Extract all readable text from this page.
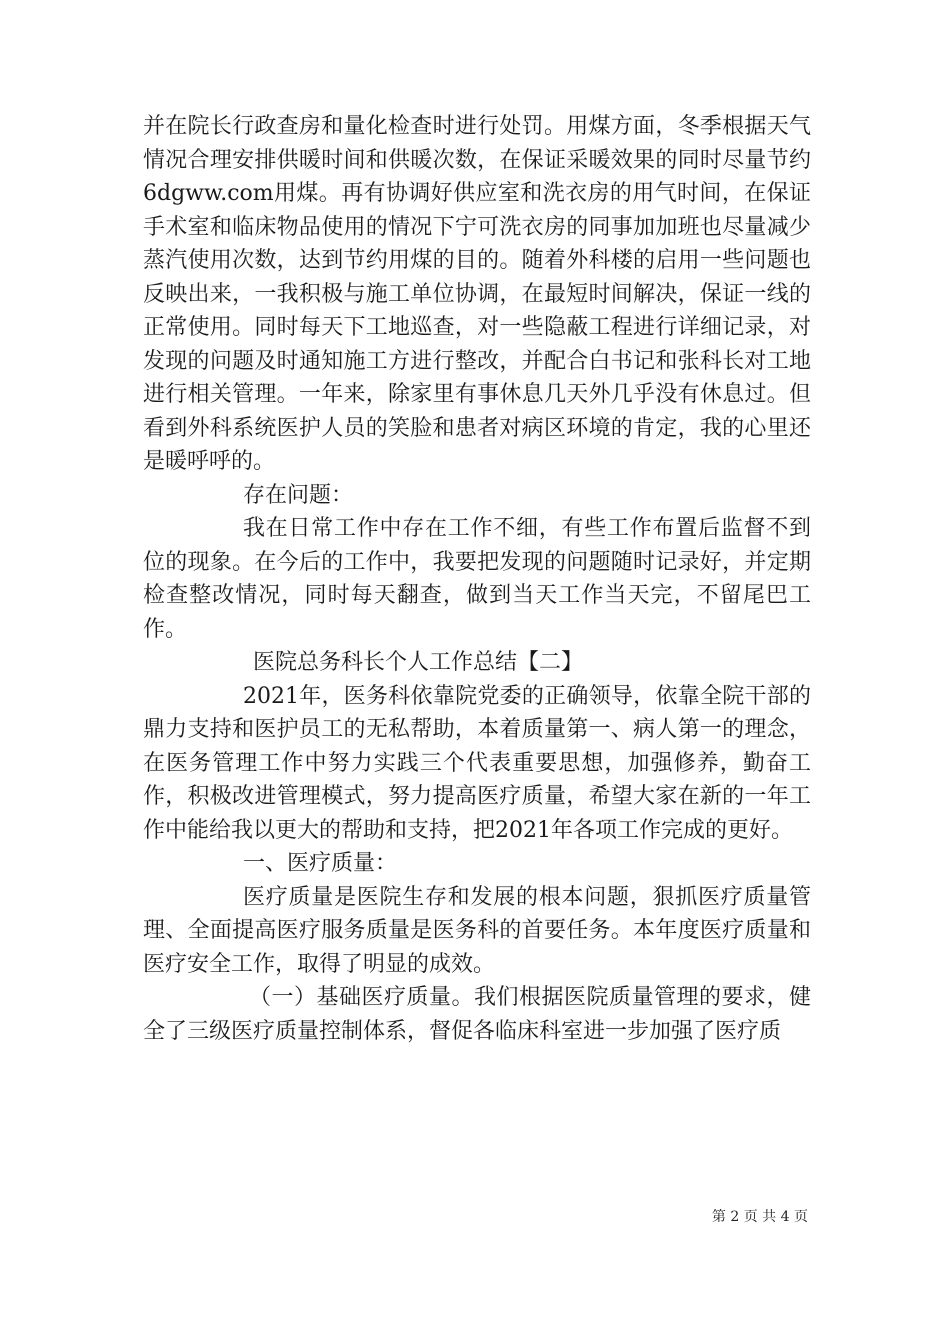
并在院长行政查房和量化检查时进行处罚。用煤方面，冬季根据天气情况合理安排供暖时间和供暖次数，在保证采暖效果的同时尽量节约6dgww.com用煤。再有协调好供应室和洗衣房的用气时间，在保证手术室和临床物品使用的情况下宁可洗衣房的同事加加班也尽量减少蒸汽使用次数，达到节约用煤的目的。随着外科楼的启用一些问题也反映出来，一我积极与施工单位协调，在最短时间解决，保证一线的正常使用。同时每天下工地巡查，对一些隐蔽工程进行详细记录，对发现的问题及时通知施工方进行整改，并配合白书记和张科长对工地进行相关管理。一年来，除家里有事休息几天外几乎没有休息过。但看到外科系统医护人员的笑脸和患者对病区环境的肯定，我的心里还是暖呼呼的。

存在问题：

我在日常工作中存在工作不细，有些工作布置后监督不到位的现象。在今后的工作中，我要把发现的问题随时记录好，并定期检查整改情况，同时每天翻查，做到当天工作当天完，不留尾巴工作。

医院总务科长个人工作总结【二】

2021年，医务科依靠院党委的正确领导，依靠全院干部的鼎力支持和医护员工的无私帮助，本着质量第一、病人第一的理念，在医务管理工作中努力实践三个代表重要思想，加强修养，勤奋工作，积极改进管理模式，努力提高医疗质量，希望大家在新的一年工作中能给我以更大的帮助和支持，把2021年各项工作完成的更好。

一、医疗质量：

医疗质量是医院生存和发展的根本问题，狠抓医疗质量管理、全面提高医疗服务质量是医务科的首要任务。本年度医疗质量和医疗安全工作，取得了明显的成效。

（一）基础医疗质量。我们根据医院质量管理的要求，健全了三级医疗质量控制体系，督促各临床科室进一步加强了医疗质

第 2 页 共 4 页
